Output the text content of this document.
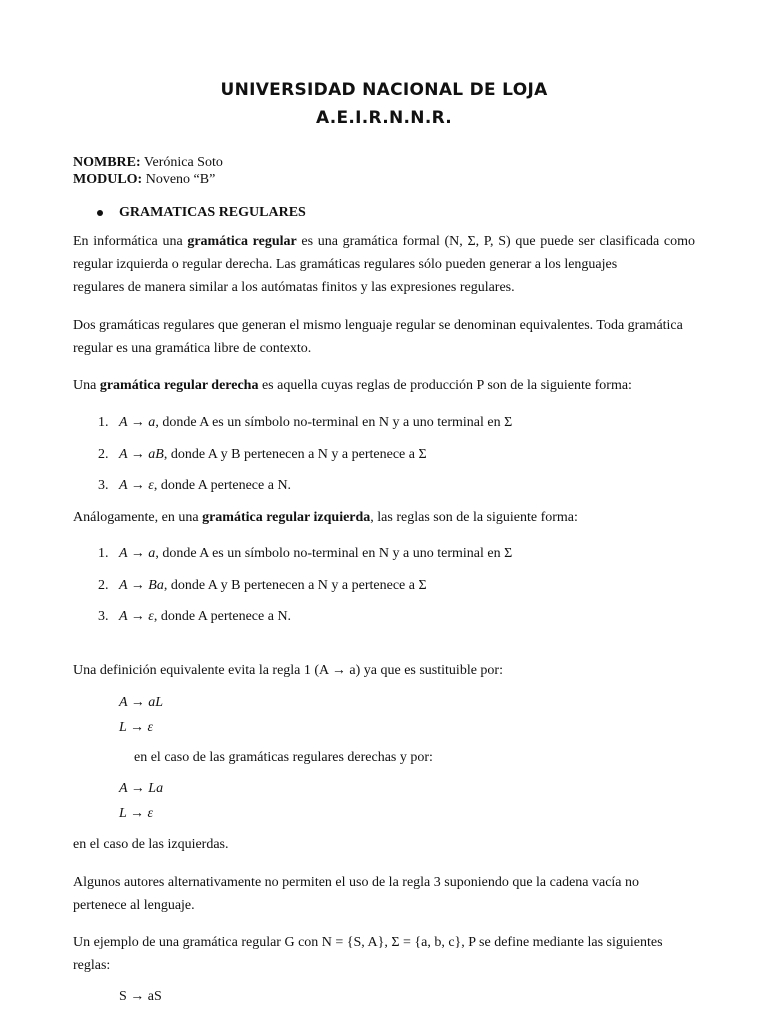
UNIVERSIDAD NACIONAL DE LOJA
A.E.I.R.N.N.R.
NOMBRE: Verónica Soto
MODULO: Noveno “B”
GRAMATICAS REGULARES
En informática una gramática regular es una gramática formal (N, Σ, P, S) que puede ser clasificada como regular izquierda o regular derecha. Las gramáticas regulares sólo pueden generar a los lenguajes
regulares de manera similar a los autómatas finitos y las expresiones regulares.
Dos gramáticas regulares que generan el mismo lenguaje regular se denominan equivalentes. Toda gramática
regular es una gramática libre de contexto.
Una gramática regular derecha es aquella cuyas reglas de producción P son de la siguiente forma:
1. A → a, donde A es un símbolo no-terminal en N y a uno terminal en Σ
2. A → aB, donde A y B pertenecen a N y a pertenece a Σ
3. A → ε, donde A pertenece a N.
Análogamente, en una gramática regular izquierda, las reglas son de la siguiente forma:
1. A → a, donde A es un símbolo no-terminal en N y a uno terminal en Σ
2. A → Ba, donde A y B pertenecen a N y a pertenece a Σ
3. A → ε, donde A pertenece a N.
Una definición equivalente evita la regla 1 (A → a) ya que es sustituible por:
A → aL
L → ε
en el caso de las gramáticas regulares derechas y por:
A → La
L → ε
en el caso de las izquierdas.
Algunos autores alternativamente no permiten el uso de la regla 3 suponiendo que la cadena vacía no
pertenece al lenguaje.
Un ejemplo de una gramática regular G con N = {S, A}, Σ = {a, b, c}, P se define mediante las siguientes
reglas:
S → aS
